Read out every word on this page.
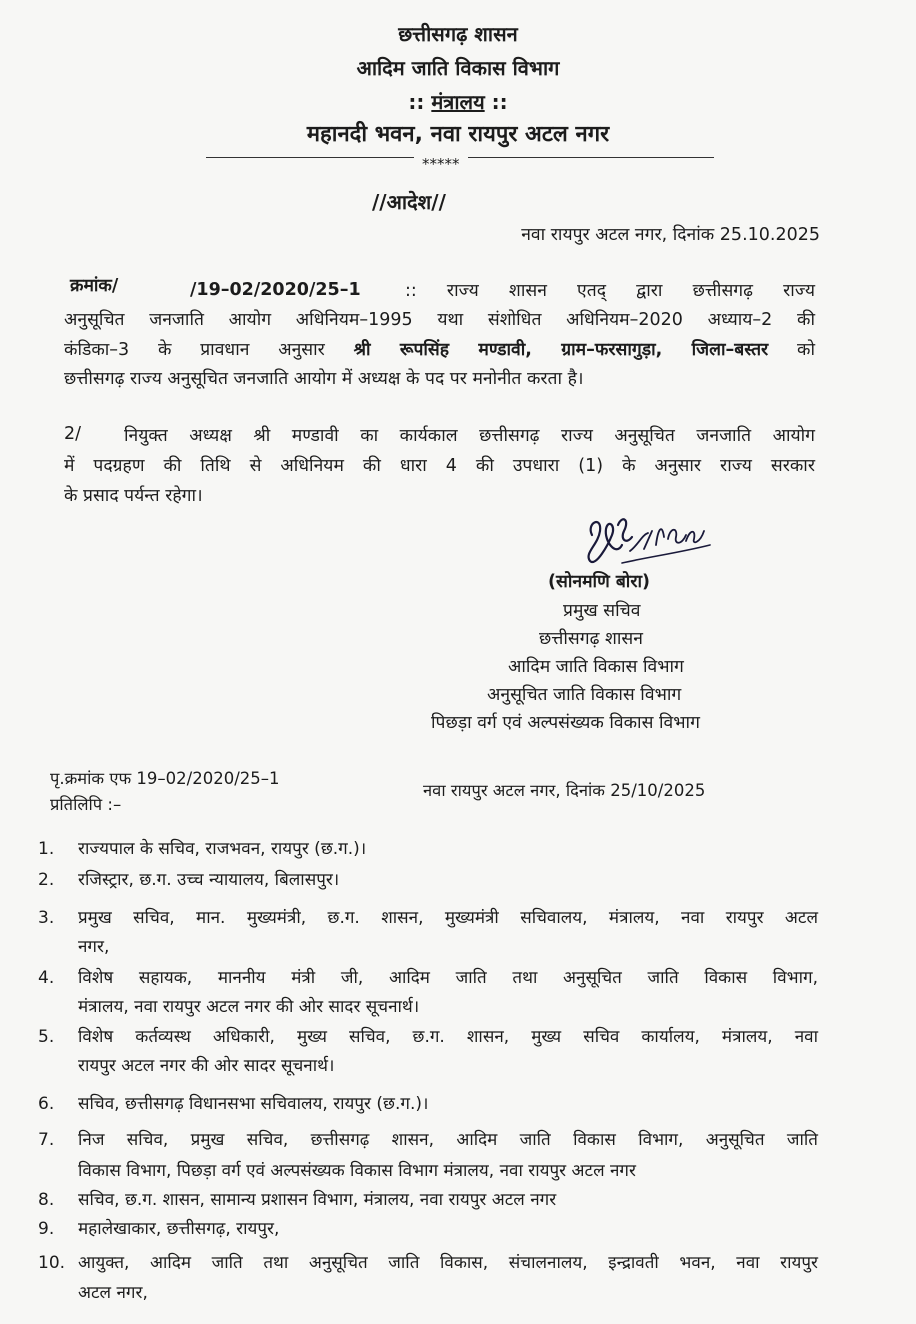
छत्तीसगढ़ शासन
आदिम जाति विकास विभाग
:: मंत्रालय ::
महानदी भवन, नवा रायपुर अटल नगर
*****
//आदेश//
नवा रायपुर अटल नगर, दिनांक 25.10.2025
क्रमांक/	/19–02/2020/25–1	:: राज्य शासन एतद् द्वारा छत्तीसगढ़ राज्य
अनुसूचित जनजाति आयोग अधिनियम–1995 यथा संशोधित अधिनियम–2020 अध्याय–2 की
कंडिका–3 के प्रावधान अनुसार श्री रूपसिंह मण्डावी, ग्राम–फरसागुड़ा, जिला–बस्तर को
छत्तीसगढ़ राज्य अनुसूचित जनजाति आयोग में अध्यक्ष के पद पर मनोनीत करता है।
2/ नियुक्त अध्यक्ष श्री मण्डावी का कार्यकाल छत्तीसगढ़ राज्य अनुसूचित जनजाति आयोग
में पदग्रहण की तिथि से अधिनियम की धारा 4 की उपधारा (1) के अनुसार राज्य सरकार
के प्रसाद पर्यन्त रहेगा।
(सोनमणि बोरा)
प्रमुख सचिव
छत्तीसगढ़ शासन
आदिम जाति विकास विभाग
अनुसूचित जाति विकास विभाग
पिछड़ा वर्ग एवं अल्पसंख्यक विकास विभाग
पृ.क्रमांक एफ 19–02/2020/25–1
नवा रायपुर अटल नगर, दिनांक 25/10/2025
प्रतिलिपि :–
1.	राज्यपाल के सचिव, राजभवन, रायपुर (छ.ग.)।
2.	रजिस्ट्रार, छ.ग. उच्च न्यायालय, बिलासपुर।
3.	प्रमुख सचिव, मान. मुख्यमंत्री, छ.ग. शासन, मुख्यमंत्री सचिवालय, मंत्रालय, नवा रायपुर अटल
नगर,
4.	विशेष सहायक, माननीय मंत्री जी, आदिम जाति तथा अनुसूचित जाति विकास विभाग,
मंत्रालय, नवा रायपुर अटल नगर की ओर सादर सूचनार्थ।
5.	विशेष कर्तव्यस्थ अधिकारी, मुख्य सचिव, छ.ग. शासन, मुख्य सचिव कार्यालय, मंत्रालय, नवा
रायपुर अटल नगर की ओर सादर सूचनार्थ।
6.	सचिव, छत्तीसगढ़ विधानसभा सचिवालय, रायपुर (छ.ग.)।
7.	निज सचिव, प्रमुख सचिव, छत्तीसगढ़ शासन, आदिम जाति विकास विभाग, अनुसूचित जाति
विकास विभाग, पिछड़ा वर्ग एवं अल्पसंख्यक विकास विभाग मंत्रालय, नवा रायपुर अटल नगर
8.	सचिव, छ.ग. शासन, सामान्य प्रशासन विभाग, मंत्रालय, नवा रायपुर अटल नगर
9.	महालेखाकार, छत्तीसगढ़, रायपुर,
10. आयुक्त, आदिम जाति तथा अनुसूचित जाति विकास, संचालनालय, इन्द्रावती भवन, नवा रायपुर
अटल नगर,
